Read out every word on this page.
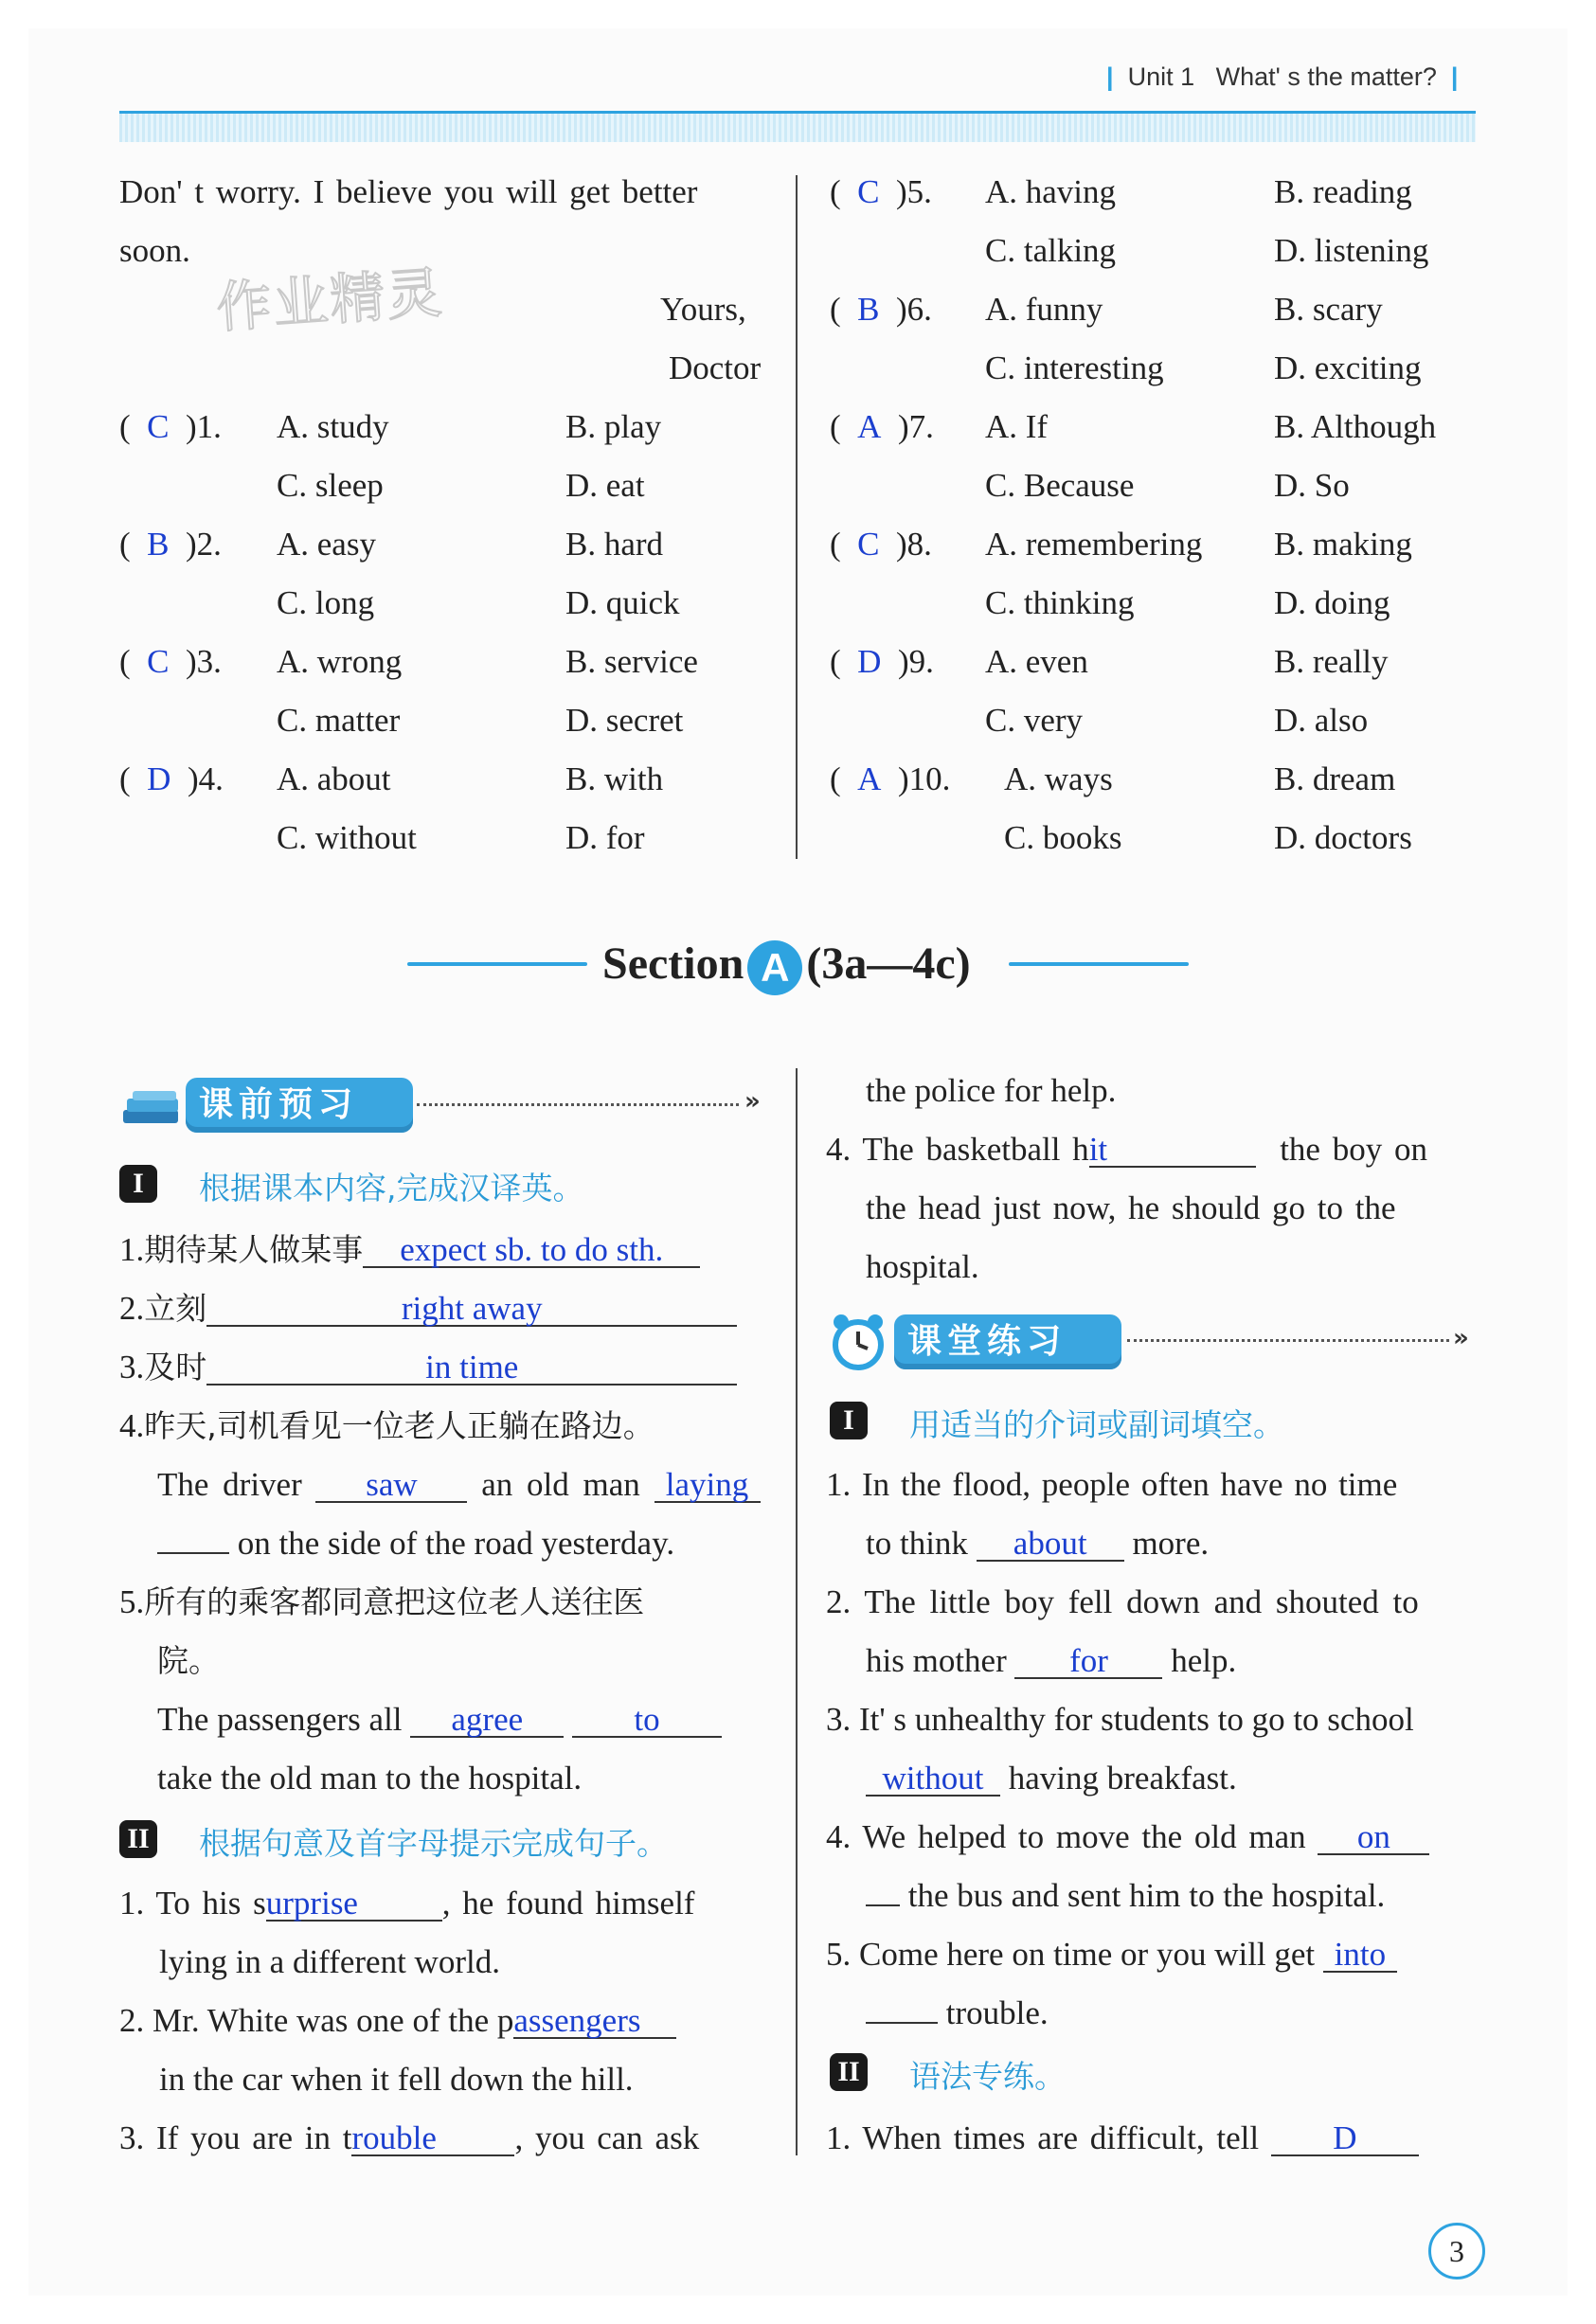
| Unit 1 What' s the matter? |
Don' t worry. I believe you will get better
soon.
Yours,
Doctor
作业精灵
(  C  )1. A. study	B. play
C. sleep	D. eat
(  B  )2. A. easy	B. hard
C. long	D. quick
(  C  )3. A. wrong	B. service
C. matter	D. secret
(  D  )4. A. about	B. with
C. without	D. for
(  C  )5. A. having	B. reading
C. talking	D. listening
(  B  )6. A. funny	B. scary
C. interesting	D. exciting
(  A  )7. A. If	B. Although
C. Because	D. So
(  C  )8. A. remembering B. making
C. thinking	D. doing
(  D  )9. A. even	B. really
C. very	D. also
(  A  )10. A. ways	B. dream
C. books	D. doctors
Section A (3a—4c)
课前预习	»
I	根据课本内容,完成汉译英。
1.期待某人做某事 expect sb. to do sth.
2.立刻	right away
3.及时	in time
4.昨天,司机看见一位老人正躺在路边。
The driver saw an old man laying
on the side of the road yesterday.
5.所有的乘客都同意把这位老人送往医
院。
The passengers all agree	to
take the old man to the hospital.
II 根据句意及首字母提示完成句子。
1. To his surprise	, he found himself
lying in a different world.
2. Mr. White was one of the passengers
in the car when it fell down the hill.
3. If you are in trouble , you can ask
the police for help.
4. The basketball hit	the boy on
the head just now, he should go to the
hospital.
课堂练习	»
I	用适当的介词或副词填空。
1. In the flood, people often have no time
to think about more.
2. The little boy fell down and shouted to
his mother for help.
3. It' s unhealthy for students to go to school
without having breakfast.
4. We helped to move the old man on
the bus and sent him to the hospital.
5. Come here on time or you will get into
trouble.
II 语法专练。
1. When times are difficult, tell D
3
